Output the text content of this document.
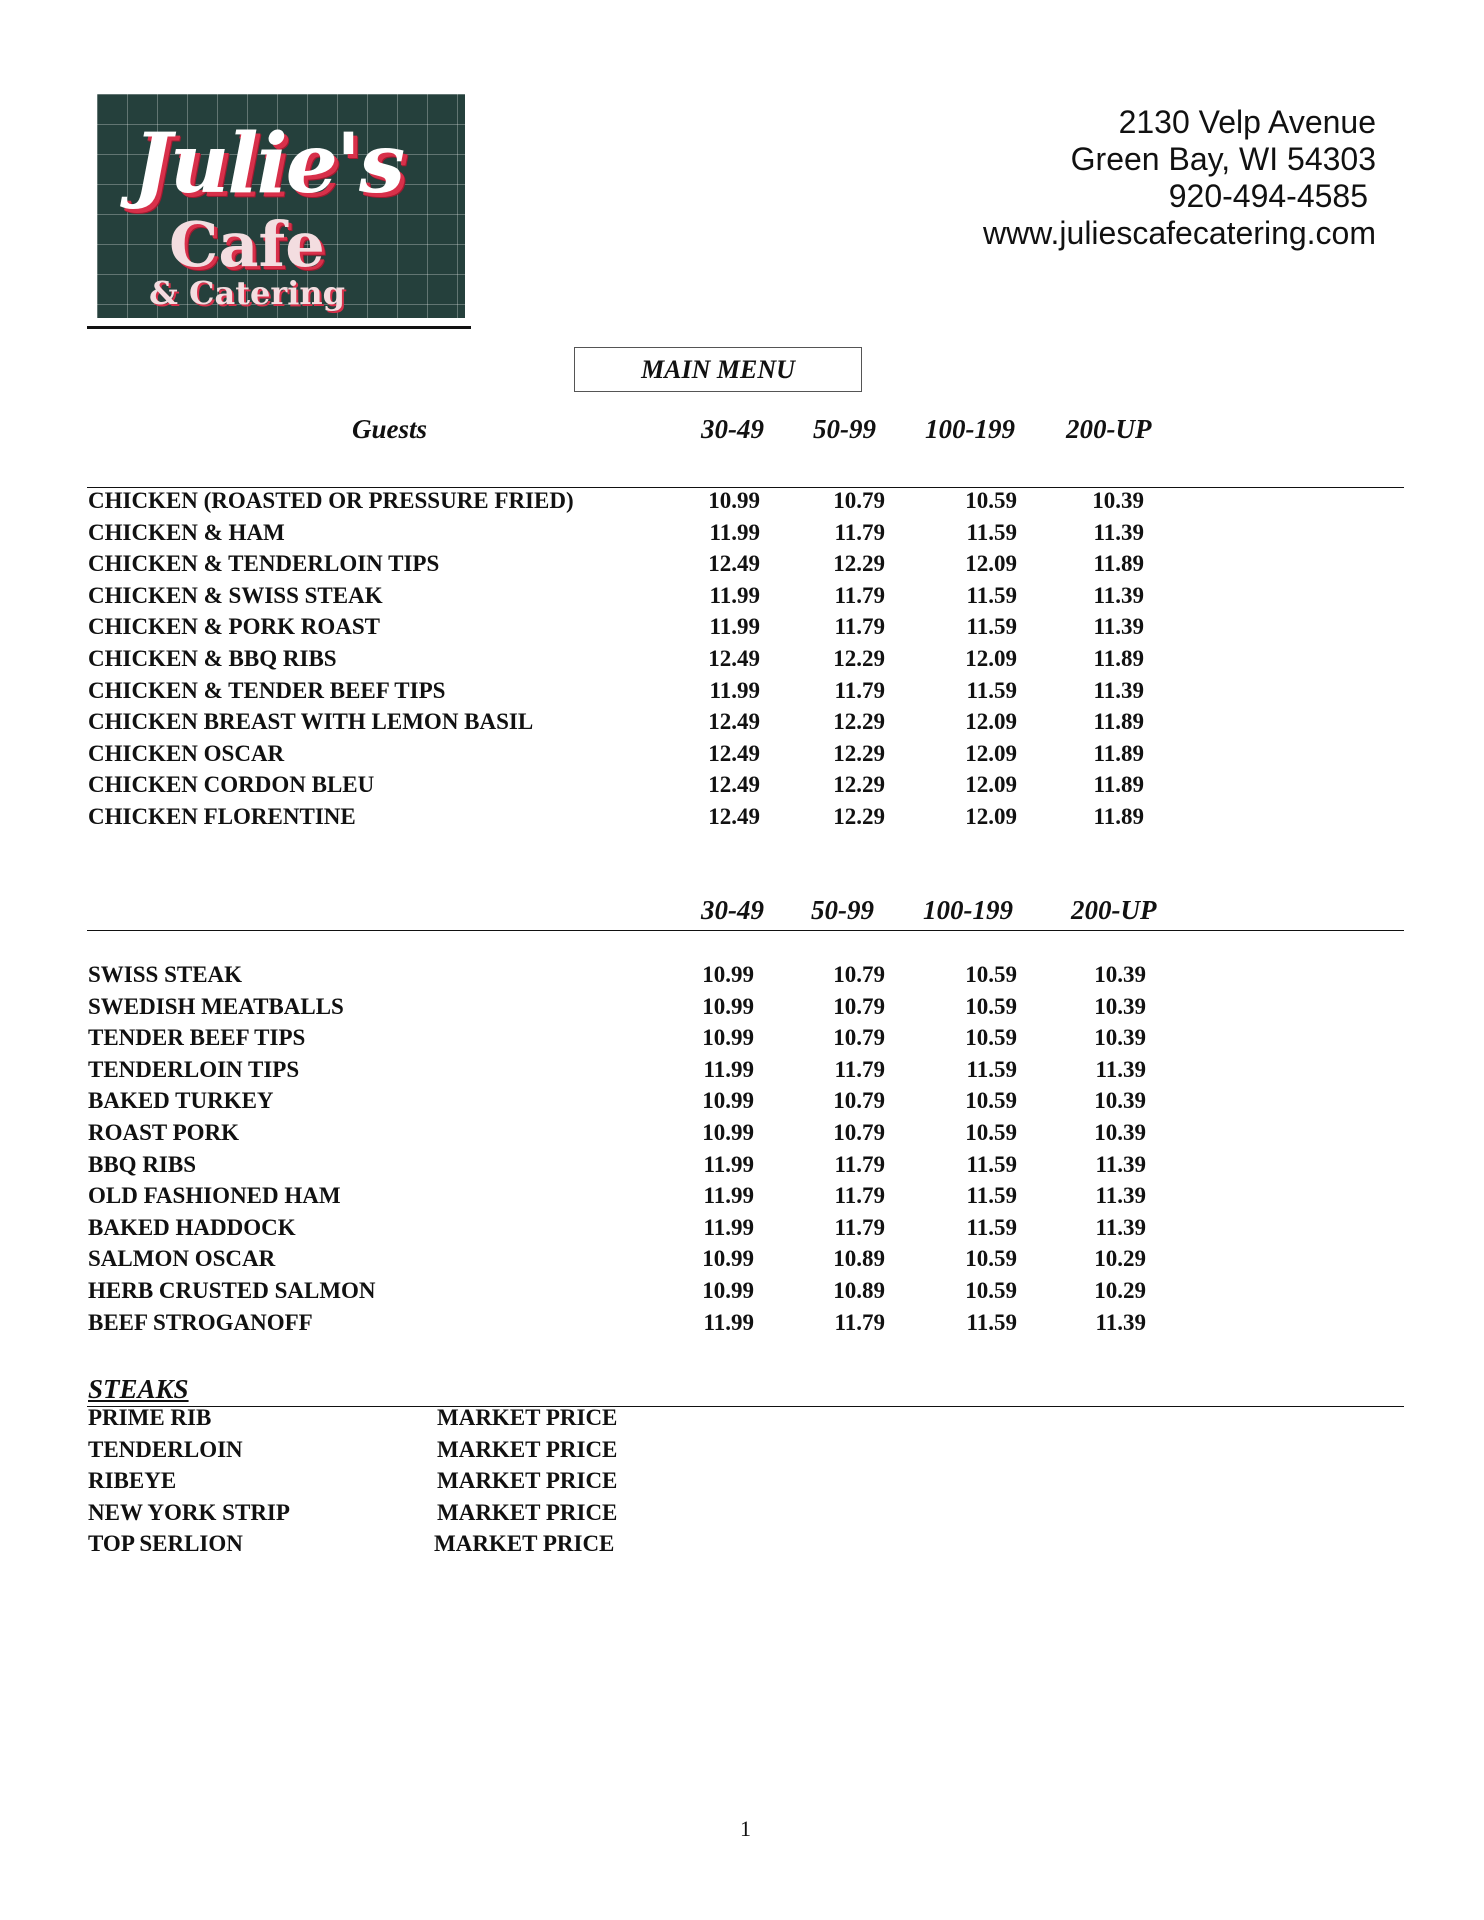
Julie's
Cafe
& Catering
2130 Velp Avenue
Green Bay, WI 54303
920-494-4585
www.juliescafecatering.com
MAIN MENU
Guests	30-49 50-99 100-199 200-UP
CHICKEN (ROASTED OR PRESSURE FRIED)	10.99	10.79	10.59	10.39
CHICKEN & HAM	11.99	11.79	11.59	11.39
CHICKEN & TENDERLOIN TIPS	12.49	12.29	12.09	11.89
CHICKEN & SWISS STEAK	11.99	11.79	11.59	11.39
CHICKEN & PORK ROAST	11.99	11.79	11.59	11.39
CHICKEN & BBQ RIBS	12.49	12.29	12.09	11.89
CHICKEN & TENDER BEEF TIPS	11.99	11.79	11.59	11.39
CHICKEN BREAST WITH LEMON BASIL	12.49	12.29	12.09	11.89
CHICKEN OSCAR	12.49	12.29	12.09	11.89
CHICKEN CORDON BLEU	12.49	12.29	12.09	11.89
CHICKEN FLORENTINE	12.49	12.29	12.09	11.89
30-49 50-99 100-199 200-UP
SWISS STEAK	10.99	10.79	10.59	10.39
SWEDISH MEATBALLS	10.99	10.79	10.59	10.39
TENDER BEEF TIPS	10.99	10.79	10.59	10.39
TENDERLOIN TIPS	11.99	11.79	11.59	11.39
BAKED TURKEY	10.99	10.79	10.59	10.39
ROAST PORK	10.99	10.79	10.59	10.39
BBQ RIBS	11.99	11.79	11.59	11.39
OLD FASHIONED HAM	11.99	11.79	11.59	11.39
BAKED HADDOCK	11.99	11.79	11.59	11.39
SALMON OSCAR	10.99	10.89	10.59	10.29
HERB CRUSTED SALMON	10.99	10.89	10.59	10.29
BEEF STROGANOFF	11.99	11.79	11.59	11.39
STEAKS
PRIME RIB	MARKET PRICE
TENDERLOIN	MARKET PRICE
RIBEYE	MARKET PRICE
NEW YORK STRIP	MARKET PRICE
TOP SERLION	MARKET PRICE
1
